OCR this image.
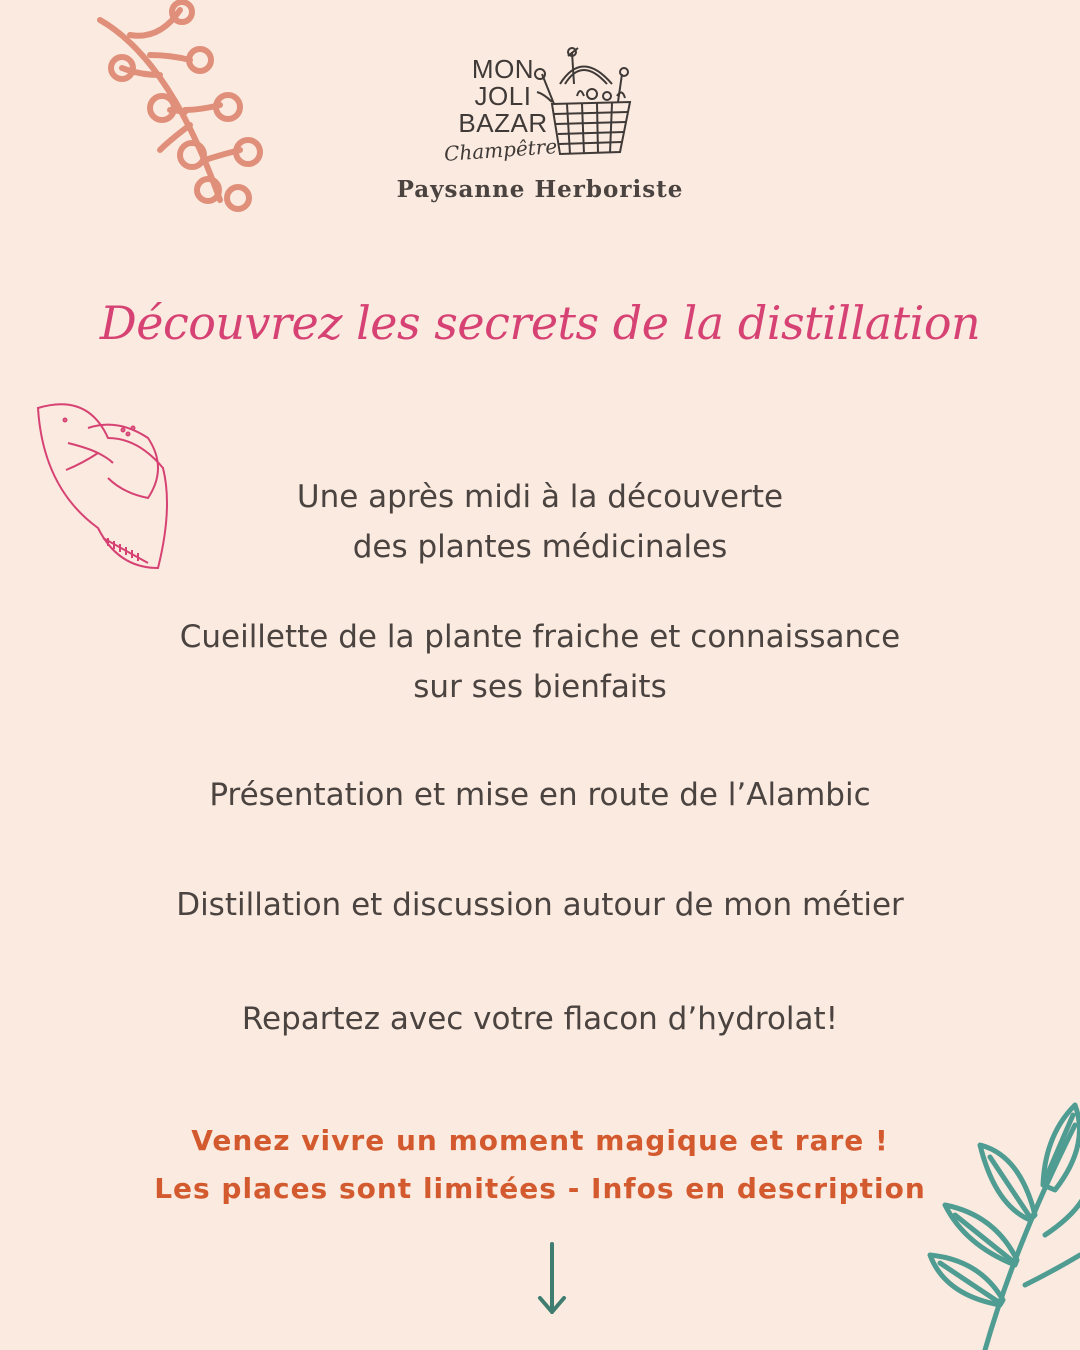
MON
JOLI
BAZAR
Champêtre
Paysanne Herboriste
Découvrez les secrets de la distillation
Une après midi à la découverte
des plantes médicinales
Cueillette de la plante fraiche et connaissance
sur ses bienfaits
Présentation et mise en route de l’Alambic
Distillation et discussion autour de mon métier
Repartez avec votre flacon d’hydrolat!
Venez vivre un moment magique et rare !
Les places sont limitées - Infos en description
